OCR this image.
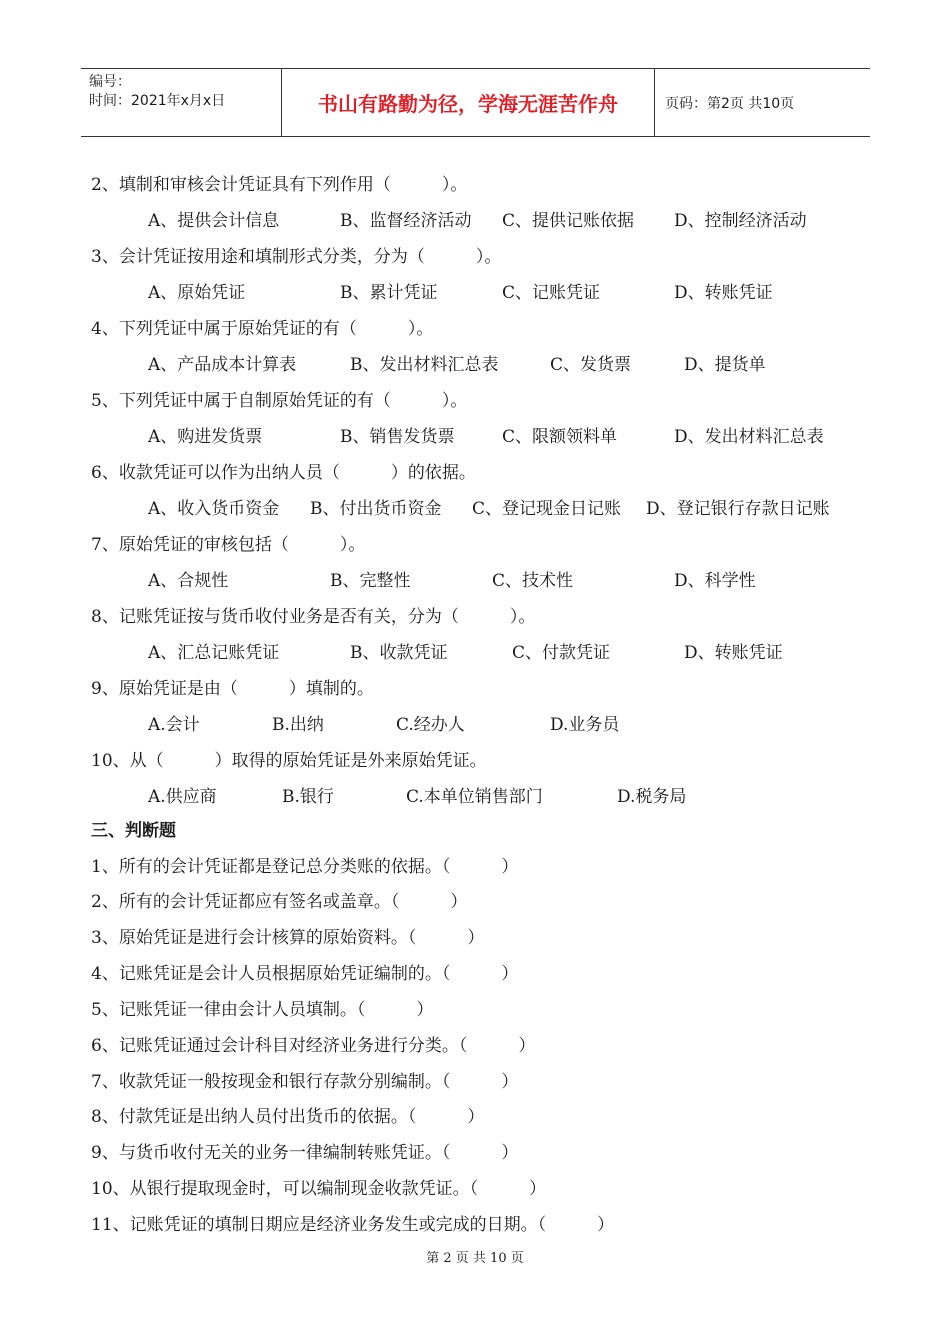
编号：
时间：2021年x月x日	书山有路勤为径，学海无涯苦作舟	页码：第2页 共10页
2、填制和审核会计凭证具有下列作用（　　　）。
A、提供会计信息	B、监督经济活动 C、提供记账依据 D、控制经济活动
3、会计凭证按用途和填制形式分类，分为（　　　）。
A、原始凭证	B、累计凭证	C、记账凭证	D、转账凭证
4、下列凭证中属于原始凭证的有（　　　）。
A、产品成本计算表	B、发出材料汇总表	C、发货票	D、提货单
5、下列凭证中属于自制原始凭证的有（　　　）。
A、购进发货票	B、销售发货票	C、限额领料单	D、发出材料汇总表
6、收款凭证可以作为出纳人员（　　　）的依据。
A、收入货币资金 B、付出货币资金 C、登记现金日记账 D、登记银行存款日记账
7、原始凭证的审核包括（　　　）。
A、合规性	B、完整性	C、技术性	D、科学性
8、记账凭证按与货币收付业务是否有关，分为（　　　）。
A、汇总记账凭证	B、收款凭证	C、付款凭证	D、转账凭证
9、原始凭证是由（　　　）填制的。
A.会计	B.出纳	C.经办人	D.业务员
10、从（　　　）取得的原始凭证是外来原始凭证。
A.供应商	B.银行	C.本单位销售部门	D.税务局
三、判断题
1、所有的会计凭证都是登记总分类账的依据。（　　　）
2、所有的会计凭证都应有签名或盖章。（　　　）
3、原始凭证是进行会计核算的原始资料。（　　　）
4、记账凭证是会计人员根据原始凭证编制的。（　　　）
5、记账凭证一律由会计人员填制。（　　　）
6、记账凭证通过会计科目对经济业务进行分类。（　　　）
7、收款凭证一般按现金和银行存款分别编制。（　　　）
8、付款凭证是出纳人员付出货币的依据。（　　　）
9、与货币收付无关的业务一律编制转账凭证。（　　　）
10、从银行提取现金时，可以编制现金收款凭证。（　　　）
11、记账凭证的填制日期应是经济业务发生或完成的日期。（　　　）
第 2 页 共 10 页
